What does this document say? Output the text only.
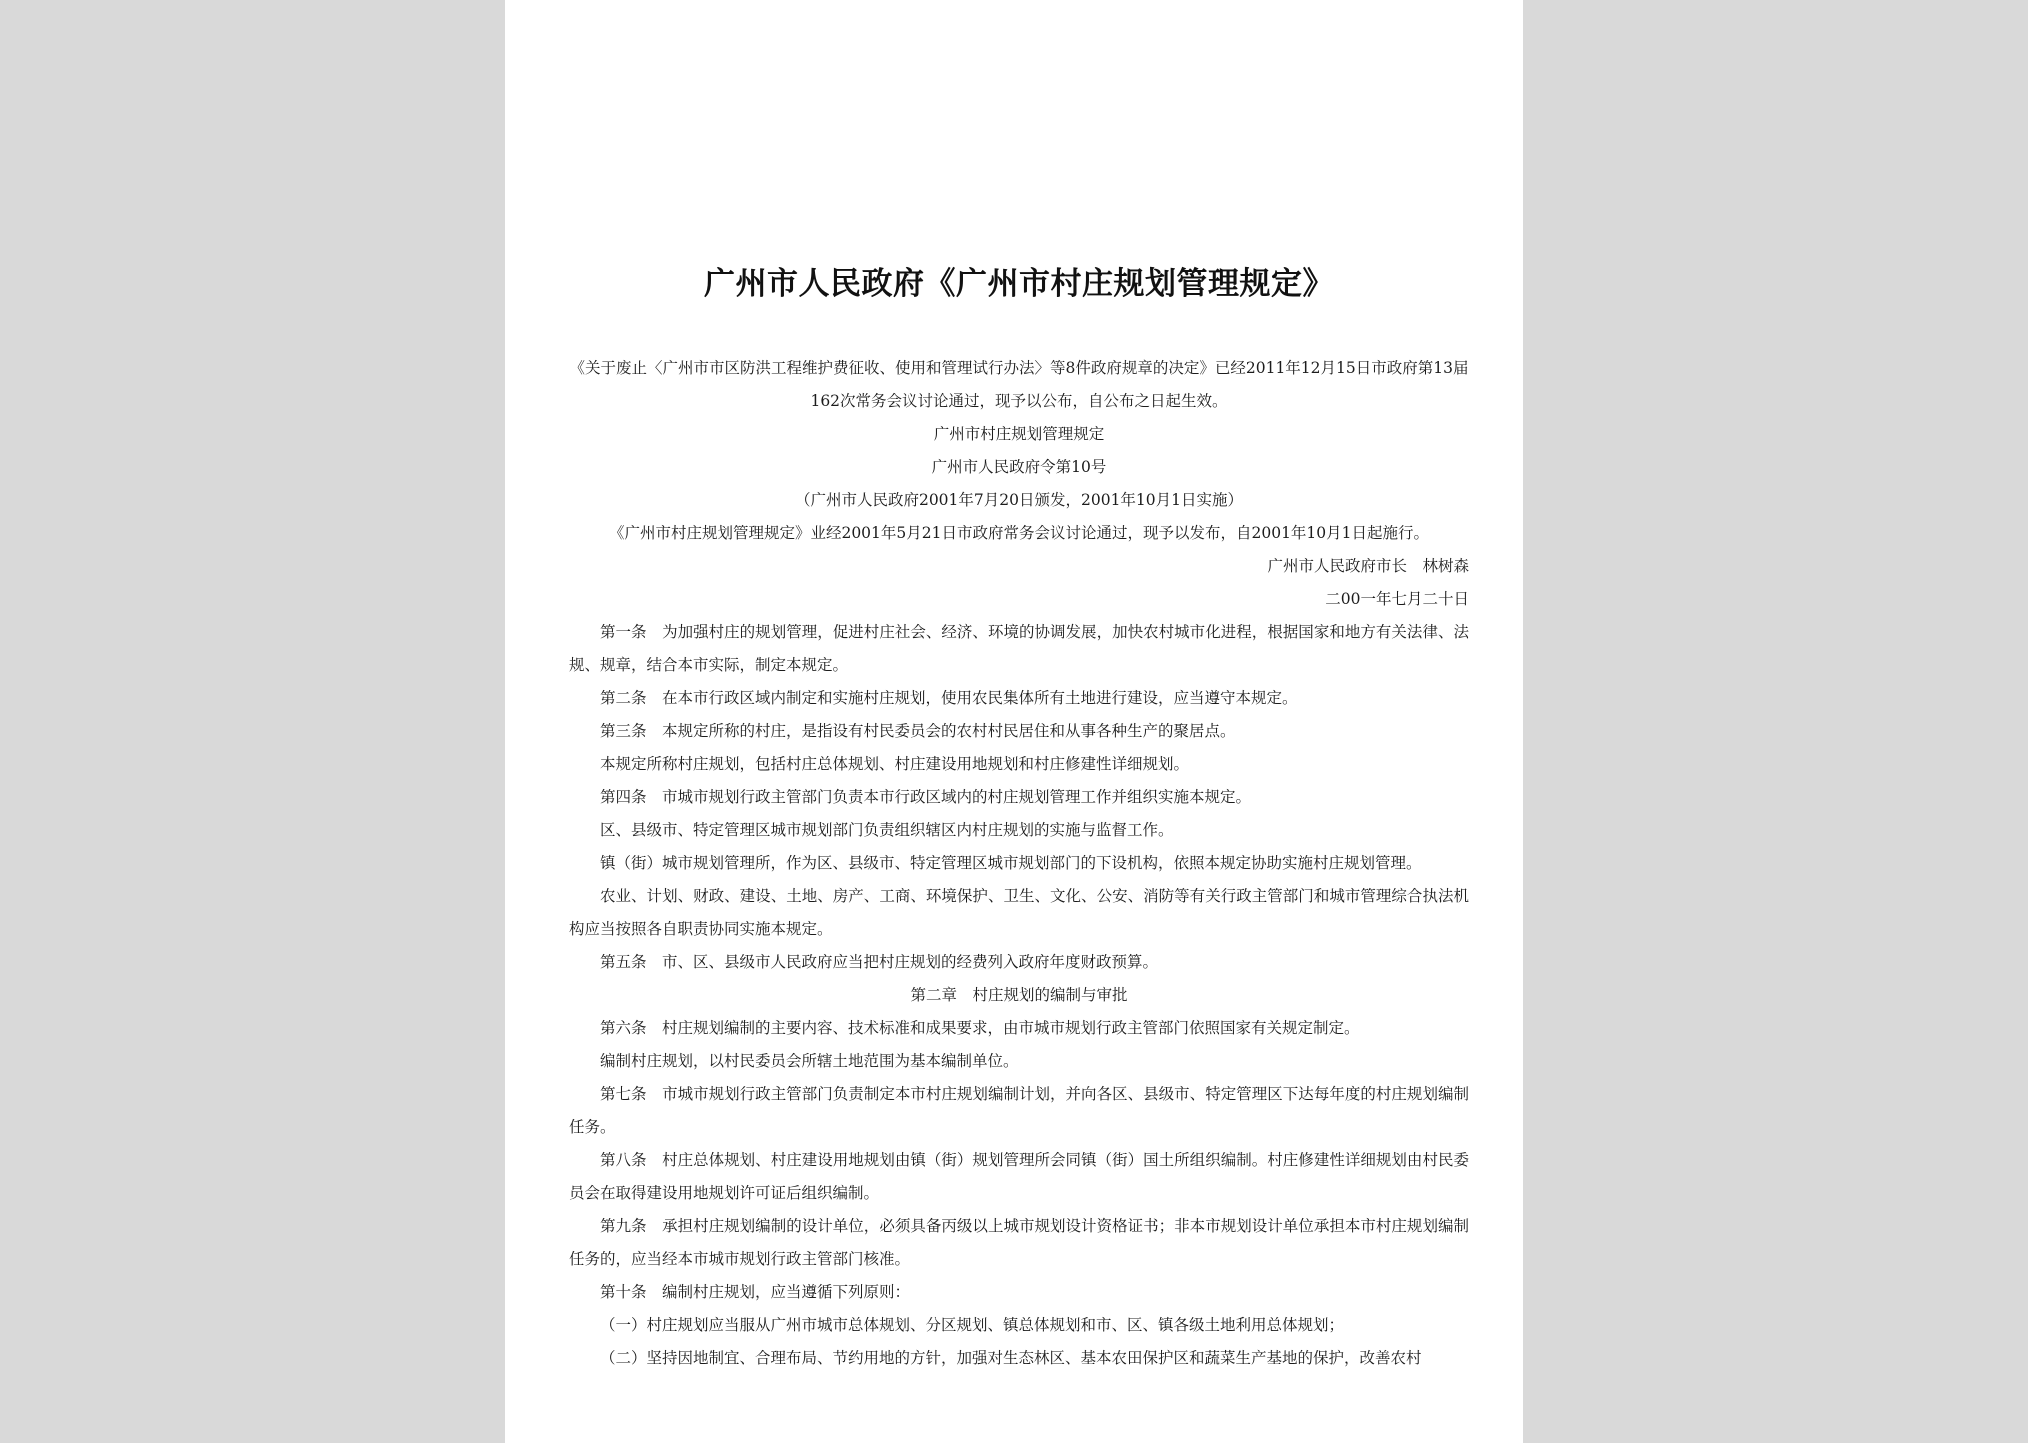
广州市人民政府《广州市村庄规划管理规定》

《关于废止〈广州市市区防洪工程维护费征收、使用和管理试行办法〉等8件政府规章的决定》已经2011年12月15日市政府第13届162次常务会议讨论通过，现予以公布，自公布之日起生效。

广州市村庄规划管理规定

广州市人民政府令第10号

（广州市人民政府2001年7月20日颁发，2001年10月1日实施）

《广州市村庄规划管理规定》业经2001年5月21日市政府常务会议讨论通过，现予以发布，自2001年10月1日起施行。

广州市人民政府市长　林树森

二00一年七月二十日

第一条　为加强村庄的规划管理，促进村庄社会、经济、环境的协调发展，加快农村城市化进程，根据国家和地方有关法律、法规、规章，结合本市实际，制定本规定。

第二条　在本市行政区域内制定和实施村庄规划，使用农民集体所有土地进行建设，应当遵守本规定。

第三条　本规定所称的村庄，是指设有村民委员会的农村村民居住和从事各种生产的聚居点。

本规定所称村庄规划，包括村庄总体规划、村庄建设用地规划和村庄修建性详细规划。

第四条　市城市规划行政主管部门负责本市行政区域内的村庄规划管理工作并组织实施本规定。

区、县级市、特定管理区城市规划部门负责组织辖区内村庄规划的实施与监督工作。

镇（街）城市规划管理所，作为区、县级市、特定管理区城市规划部门的下设机构，依照本规定协助实施村庄规划管理。

农业、计划、财政、建设、土地、房产、工商、环境保护、卫生、文化、公安、消防等有关行政主管部门和城市管理综合执法机构应当按照各自职责协同实施本规定。

第五条　市、区、县级市人民政府应当把村庄规划的经费列入政府年度财政预算。

第二章　村庄规划的编制与审批

第六条　村庄规划编制的主要内容、技术标准和成果要求，由市城市规划行政主管部门依照国家有关规定制定。

编制村庄规划，以村民委员会所辖土地范围为基本编制单位。

第七条　市城市规划行政主管部门负责制定本市村庄规划编制计划，并向各区、县级市、特定管理区下达每年度的村庄规划编制任务。

第八条　村庄总体规划、村庄建设用地规划由镇（街）规划管理所会同镇（街）国土所组织编制。村庄修建性详细规划由村民委员会在取得建设用地规划许可证后组织编制。

第九条　承担村庄规划编制的设计单位，必须具备丙级以上城市规划设计资格证书；非本市规划设计单位承担本市村庄规划编制任务的，应当经本市城市规划行政主管部门核准。

第十条　编制村庄规划，应当遵循下列原则：

（一）村庄规划应当服从广州市城市总体规划、分区规划、镇总体规划和市、区、镇各级土地利用总体规划；

（二）坚持因地制宜、合理布局、节约用地的方针，加强对生态林区、基本农田保护区和蔬菜生产基地的保护，改善农村
